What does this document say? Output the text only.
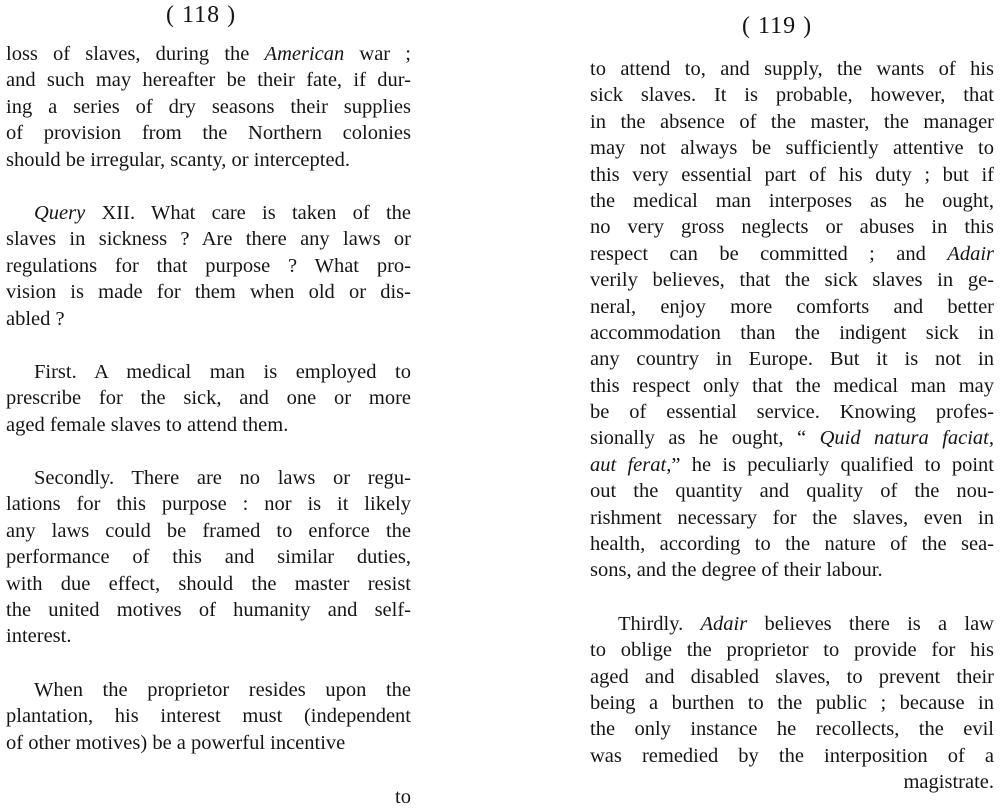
( 118 )
loss of slaves, during the American war ;
and such may hereafter be their fate, if dur-
ing a series of dry seasons their supplies
of provision from the Northern colonies
should be irregular, scanty, or intercepted.
Query XII. What care is taken of the
slaves in sickness ? Are there any laws or
regulations for that purpose ? What pro-
vision is made for them when old or dis-
abled ?
First. A medical man is employed to
prescribe for the sick, and one or more
aged female slaves to attend them.
Secondly. There are no laws or regu-
lations for this purpose : nor is it likely
any laws could be framed to enforce the
performance of this and similar duties,
with due effect, should the master resist
the united motives of humanity and self-
interest.
When the proprietor resides upon the
plantation, his interest must (independent
of other motives) be a powerful incentive
to
( 119 )
to attend to, and supply, the wants of his
sick slaves. It is probable, however, that
in the absence of the master, the manager
may not always be sufficiently attentive to
this very essential part of his duty ; but if
the medical man interposes as he ought,
no very gross neglects or abuses in this
respect can be committed ; and Adair
verily believes, that the sick slaves in ge-
neral, enjoy more comforts and better
accommodation than the indigent sick in
any country in Europe. But it is not in
this respect only that the medical man may
be of essential service. Knowing profes-
sionally as he ought, “ Quid natura faciat,
aut ferat,” he is peculiarly qualified to point
out the quantity and quality of the nou-
rishment necessary for the slaves, even in
health, according to the nature of the sea-
sons, and the degree of their labour.
Thirdly. Adair believes there is a law
to oblige the proprietor to provide for his
aged and disabled slaves, to prevent their
being a burthen to the public ; because in
the only instance he recollects, the evil
was remedied by the interposition of a
magistrate.
